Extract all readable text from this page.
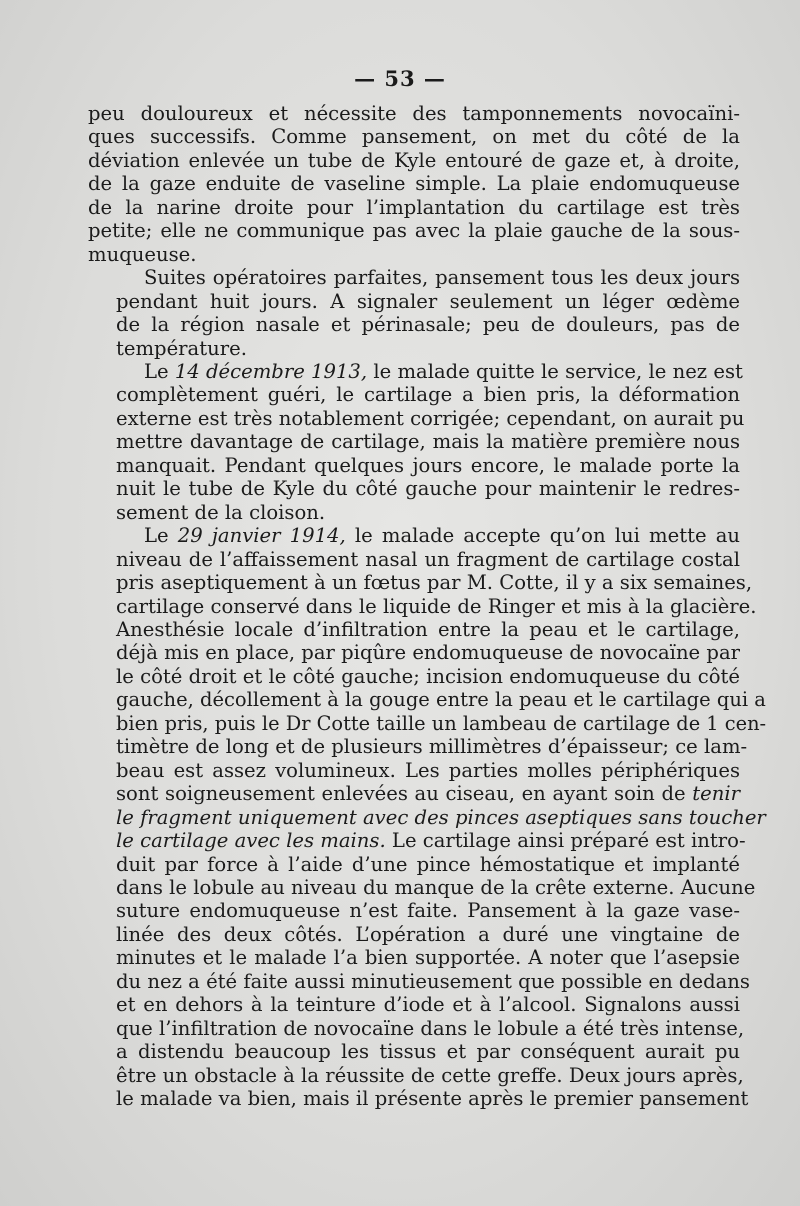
— 53 —

peu douloureux et nécessite des tamponnements novocaïni-
ques successifs. Comme pansement, on met du côté de la
déviation enlevée un tube de Kyle entouré de gaze et, à droite,
de la gaze enduite de vaseline simple. La plaie endomuqueuse
de la narine droite pour l’implantation du cartilage est très
petite; elle ne communique pas avec la plaie gauche de la sous-
muqueuse.

Suites opératoires parfaites, pansement tous les deux jours
pendant huit jours. A signaler seulement un léger œdème
de la région nasale et périnasale; peu de douleurs, pas de
température.

Le 14 décembre 1913, le malade quitte le service, le nez est
complètement guéri, le cartilage a bien pris, la déformation
externe est très notablement corrigée; cependant, on aurait pu
mettre davantage de cartilage, mais la matière première nous
manquait. Pendant quelques jours encore, le malade porte la
nuit le tube de Kyle du côté gauche pour maintenir le redres-
sement de la cloison.

Le 29 janvier 1914, le malade accepte qu’on lui mette au
niveau de l’affaissement nasal un fragment de cartilage costal
pris aseptiquement à un fœtus par M. Cotte, il y a six semaines,
cartilage conservé dans le liquide de Ringer et mis à la glacière.
Anesthésie locale d’infiltration entre la peau et le cartilage,
déjà mis en place, par piqûre endomuqueuse de novocaïne par
le côté droit et le côté gauche; incision endomuqueuse du côté
gauche, décollement à la gouge entre la peau et le cartilage qui a
bien pris, puis le Dr Cotte taille un lambeau de cartilage de 1 cen-
timètre de long et de plusieurs millimètres d’épaisseur; ce lam-
beau est assez volumineux. Les parties molles périphériques
sont soigneusement enlevées au ciseau, en ayant soin de tenir
le fragment uniquement avec des pinces aseptiques sans toucher
le cartilage avec les mains. Le cartilage ainsi préparé est intro-
duit par force à l’aide d’une pince hémostatique et implanté
dans le lobule au niveau du manque de la crête externe. Aucune
suture endomuqueuse n’est faite. Pansement à la gaze vase-
linée des deux côtés. L’opération a duré une vingtaine de
minutes et le malade l’a bien supportée. A noter que l’asepsie
du nez a été faite aussi minutieusement que possible en dedans
et en dehors à la teinture d’iode et à l’alcool. Signalons aussi
que l’infiltration de novocaïne dans le lobule a été très intense,
a distendu beaucoup les tissus et par conséquent aurait pu
être un obstacle à la réussite de cette greffe. Deux jours après,
le malade va bien, mais il présente après le premier pansement
